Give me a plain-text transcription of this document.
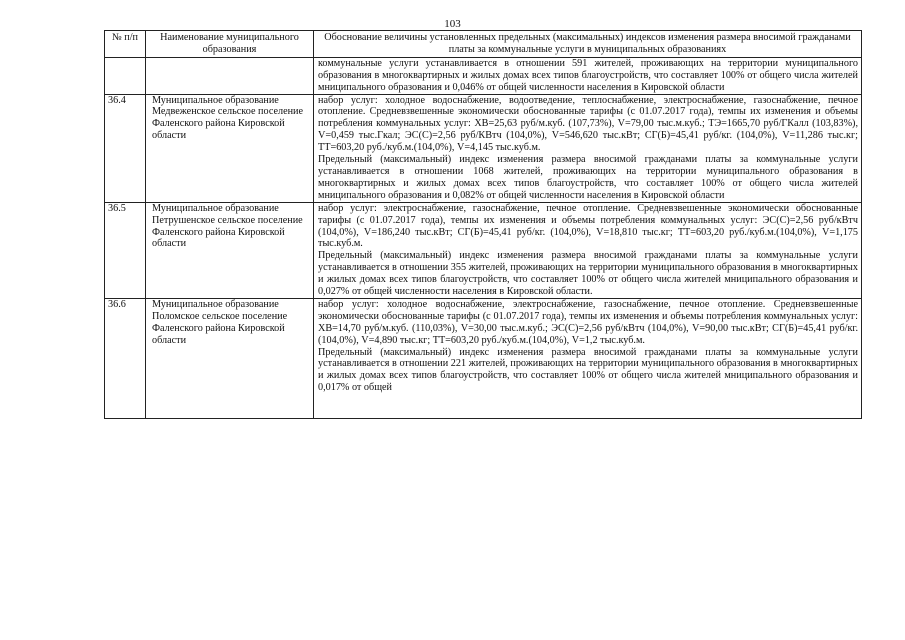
103
№ п/п	Наименование муниципального образования	Обоснование величины установленных предельных (максимальных) индексов изменения размера вносимой гражданами платы за коммунальные услуги в муниципальных образованиях

		коммунальные услуги устанавливается в отношении 591 жителей, проживающих на территории муниципального образования в многоквартирных и жилых домах всех типов благоустройств, что составляет 100% от общего числа жителей мниципального образования и 0,046% от общей численности населения в Кировской области

36.4	Муниципальное образование Медвеженское сельское поселение Фаленского района Кировской области	набор услуг: холодное водоснабжение, водоотведение, теплоснабжение, электроснабжение, газоснабжение, печное отопление. Средневзвешенные экономически обоснованные тарифы (с 01.07.2017 года), темпы их изменения и объемы потребления коммунальных услуг: ХВ=25,63 руб/м.куб. (107,73%), V=79,00 тыс.м.куб.; ТЭ=1665,70 руб/ГКалл (103,83%), V=0,459 тыс.Гкал; ЭС(С)=2,56 руб/КВтч (104,0%), V=546,620 тыс.кВт; СГ(Б)=45,41 руб/кг. (104,0%), V=11,286 тыс.кг; ТТ=603,20 руб./куб.м.(104,0%), V=4,145 тыс.куб.м.

Предельный (максимальный) индекс изменения размера вносимой гражданами платы за коммунальные услуги устанавливается в отношении 1068 жителей, проживающих на территории муниципального образования в многоквартирных и жилых домах всех типов благоустройств, что составляет 100% от общего числа жителей мниципального образования и 0,082% от общей численности населения в Кировской области

36.5	Муниципальное образование Петрушенское сельское поселение Фаленского района Кировской области	набор услуг: электроснабжение, газоснабжение, печное отопление. Средневзвешенные экономически обоснованные тарифы (с 01.07.2017 года), темпы их изменения и объемы потребления коммунальных услуг: ЭС(С)=2,56 руб/кВтч (104,0%), V=186,240 тыс.кВт; СГ(Б)=45,41 руб/кг. (104,0%), V=18,810 тыс.кг; ТТ=603,20 руб./куб.м.(104,0%), V=1,175 тыс.куб.м.

Предельный (максимальный) индекс изменения размера вносимой гражданами платы за коммунальные услуги устанавливается в отношении 355 жителей, проживающих на территории муниципального образования в многоквартирных и жилых домах всех типов благоустройств, что составляет 100% от общего числа жителей мниципального образования и 0,027% от общей численности населения в Кировской области.

36.6	Муниципальное образование Поломское сельское поселение Фаленского района Кировской области	набор услуг: холодное водоснабжение, электроснабжение, газоснабжение, печное отопление. Средневзвешенные экономически обоснованные тарифы (с 01.07.2017 года), темпы их изменения и объемы потребления коммунальных услуг: ХВ=14,70 руб/м.куб. (110,03%), V=30,00 тыс.м.куб.; ЭС(С)=2,56 руб/кВтч (104,0%), V=90,00 тыс.кВт; СГ(Б)=45,41 руб/кг. (104,0%), V=4,890 тыс.кг; ТТ=603,20 руб./куб.м.(104,0%), V=1,2 тыс.куб.м.

Предельный (максимальный) индекс изменения размера вносимой гражданами платы за коммунальные услуги устанавливается в отношении 221 жителей, проживающих на территории муниципального образования в многоквартирных и жилых домах всех типов благоустройств, что составляет 100% от общего числа жителей мниципального образования и 0,017% от общей
